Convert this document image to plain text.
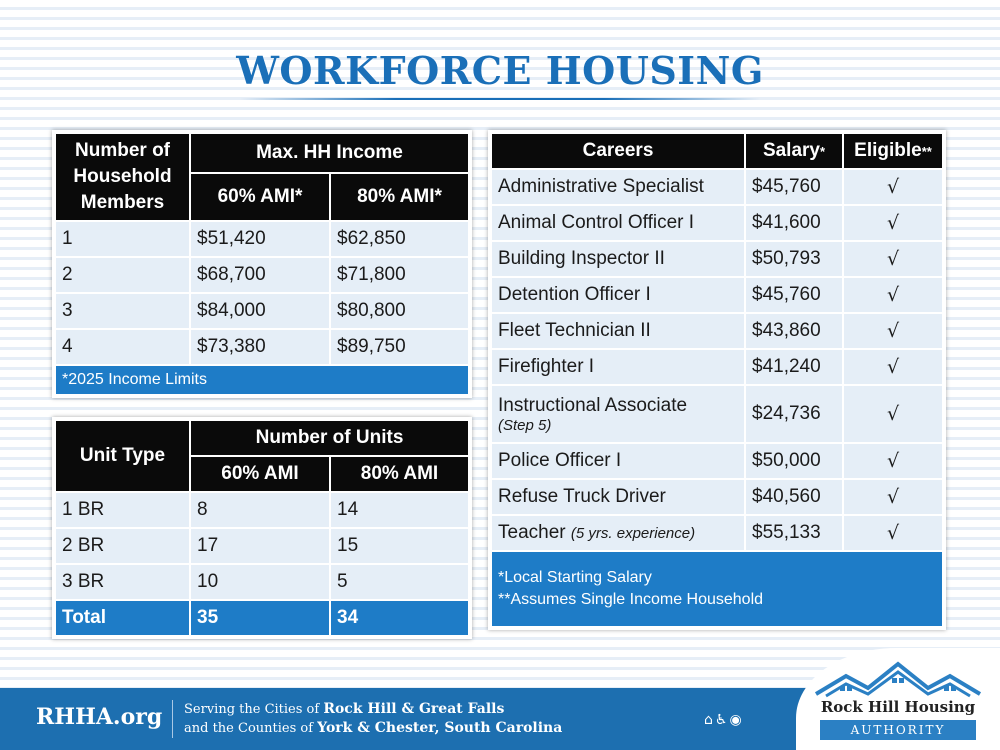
WORKFORCE HOUSING
Number of Household Members	Max. HH Income	
	60% AMI*	80% AMI*
1	$51,420	$62,850
2	$68,700	$71,800
3	$84,000	$80,800
4	$73,380	$89,750
*2025 Income Limits		
Unit Type	Number of Units	
	60% AMI	80% AMI
1 BR	8	14
2 BR	17	15
3 BR	10	5
Total	35	34
Careers	Salary*	Eligible**
Administrative Specialist	$45,760	√
Animal Control Officer I	$41,600	√
Building Inspector II	$50,793	√
Detention Officer I	$45,760	√
Fleet Technician II	$43,860	√
Firefighter I	$41,240	√

Instructional Associate
(Step 5)	$24,736	√
Police Officer I	$50,000	√
Refuse Truck Driver	$40,560	√
Teacher (5 yrs. experience)	$55,133	√

*Local Starting Salary
**Assumes Single Income Household		
RHHA.org Serving the Cities of Rock Hill & Great Falls
and the Counties of York & Chester, South Carolina	⌂♿◉
Rock Hill Housing
AUTHORITY
